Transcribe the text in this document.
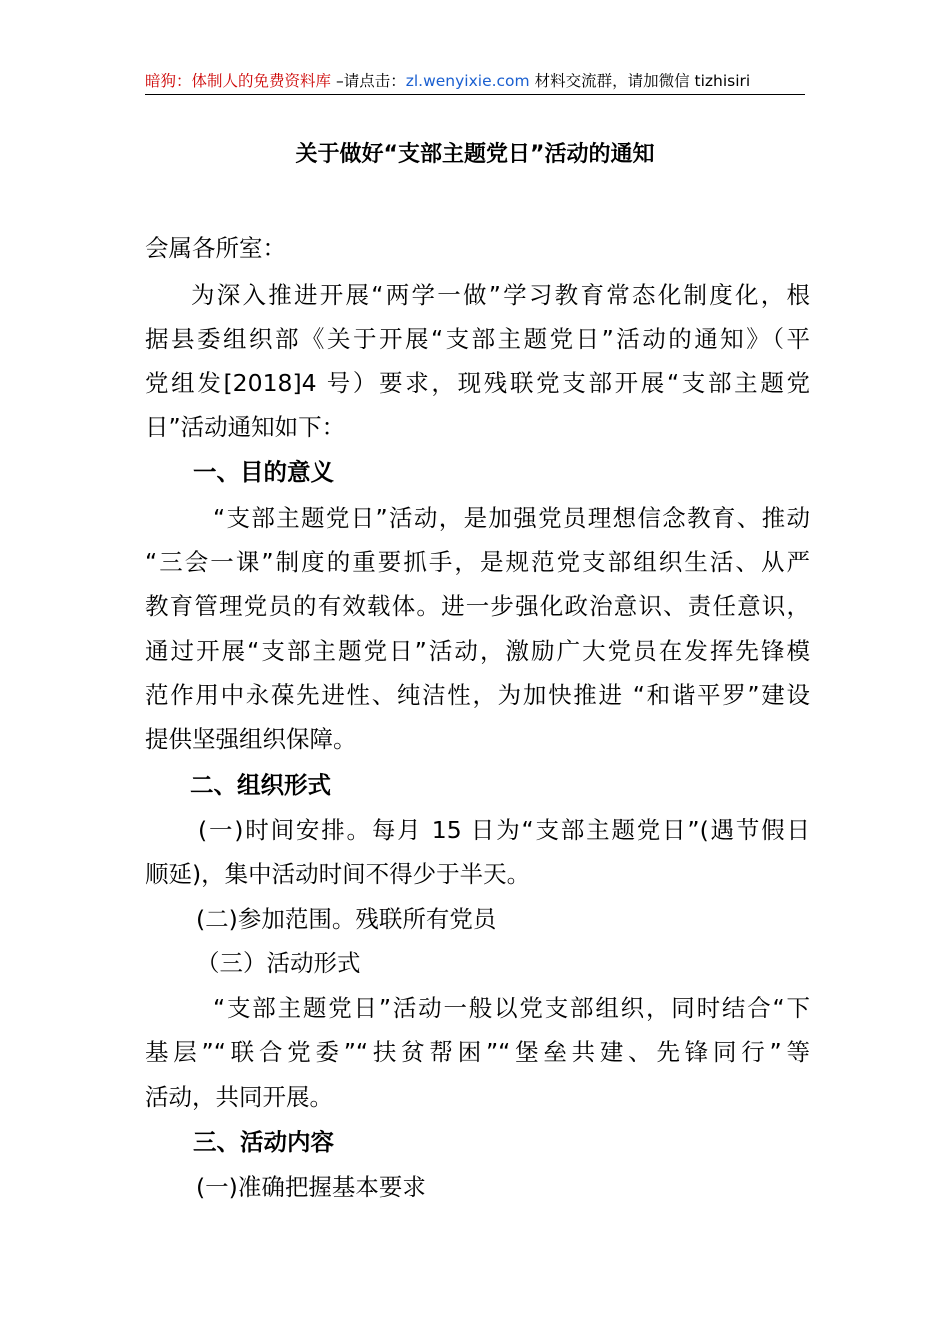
暗狗：体制人的免费资料库 –请点击：zl.wenyixie.com 材料交流群，请加微信 tizhisiri
关于做好“支部主题党日”活动的通知
会属各所室：
为深入推进开展“两学一做”学习教育常态化制度化，根
据县委组织部《关于开展“支部主题党日”活动的通知》（平
党组发[2018]4 号）要求，现残联党支部开展“支部主题党
日”活动通知如下：
一、目的意义
“支部主题党日”活动，是加强党员理想信念教育、推动
“三会一课”制度的重要抓手，是规范党支部组织生活、从严
教育管理党员的有效载体。进一步强化政治意识、责任意识，
通过开展“支部主题党日”活动，激励广大党员在发挥先锋模
范作用中永葆先进性、纯洁性，为加快推进 “和谐平罗”建设
提供坚强组织保障。
二、组织形式
(一)时间安排。每月 15 日为“支部主题党日”(遇节假日
顺延)，集中活动时间不得少于半天。
(二)参加范围。残联所有党员
（三）活动形式
“支部主题党日”活动一般以党支部组织，同时结合“下
基层”“联合党委”“扶贫帮困”“堡垒共建、先锋同行”等
活动，共同开展。
三、活动内容
(一)准确把握基本要求
